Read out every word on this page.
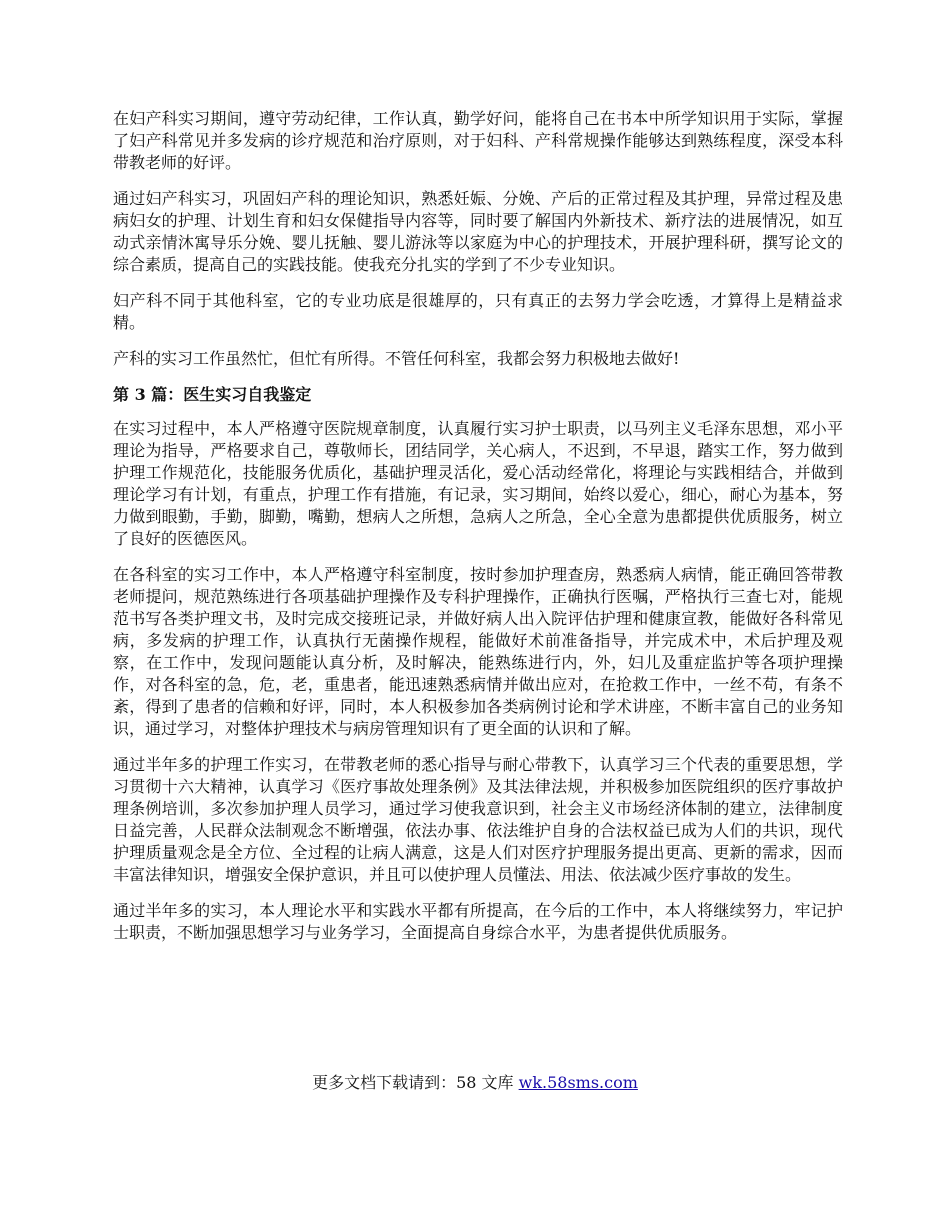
在妇产科实习期间，遵守劳动纪律，工作认真，勤学好问，能将自己在书本中所学知识用于实际，掌握了妇产科常见并多发病的诊疗规范和治疗原则，对于妇科、产科常规操作能够达到熟练程度，深受本科带教老师的好评。

通过妇产科实习，巩固妇产科的理论知识，熟悉妊娠、分娩、产后的正常过程及其护理，异常过程及患病妇女的护理、计划生育和妇女保健指导内容等，同时要了解国内外新技术、新疗法的进展情况，如互动式亲情沐寓导乐分娩、婴儿抚触、婴儿游泳等以家庭为中心的护理技术，开展护理科研，撰写论文的综合素质，提高自己的实践技能。使我充分扎实的学到了不少专业知识。

妇产科不同于其他科室，它的专业功底是很雄厚的，只有真正的去努力学会吃透，才算得上是精益求精。

产科的实习工作虽然忙，但忙有所得。不管任何科室，我都会努力积极地去做好!

第 3 篇：医生实习自我鉴定

在实习过程中，本人严格遵守医院规章制度，认真履行实习护士职责，以马列主义毛泽东思想，邓小平理论为指导，严格要求自己，尊敬师长，团结同学，关心病人，不迟到，不早退，踏实工作，努力做到护理工作规范化，技能服务优质化，基础护理灵活化，爱心活动经常化，将理论与实践相结合，并做到理论学习有计划，有重点，护理工作有措施，有记录，实习期间，始终以爱心，细心，耐心为基本，努力做到眼勤，手勤，脚勤，嘴勤，想病人之所想，急病人之所急，全心全意为患都提供优质服务，树立了良好的医德医风。

在各科室的实习工作中，本人严格遵守科室制度，按时参加护理查房，熟悉病人病情，能正确回答带教老师提问，规范熟练进行各项基础护理操作及专科护理操作，正确执行医嘱，严格执行三查七对，能规范书写各类护理文书，及时完成交接班记录，并做好病人出入院评估护理和健康宣教，能做好各科常见病，多发病的护理工作，认真执行无菌操作规程，能做好术前准备指导，并完成术中，术后护理及观察，在工作中，发现问题能认真分析，及时解决，能熟练进行内，外，妇儿及重症监护等各项护理操作，对各科室的急，危，老，重患者，能迅速熟悉病情并做出应对，在抢救工作中，一丝不苟，有条不紊，得到了患者的信赖和好评，同时，本人积极参加各类病例讨论和学术讲座，不断丰富自己的业务知识，通过学习，对整体护理技术与病房管理知识有了更全面的认识和了解。

通过半年多的护理工作实习，在带教老师的悉心指导与耐心带教下，认真学习三个代表的重要思想，学习贯彻十六大精神，认真学习《医疗事故处理条例》及其法律法规，并积极参加医院组织的医疗事故护理条例培训，多次参加护理人员学习，通过学习使我意识到，社会主义市场经济体制的建立，法律制度日益完善，人民群众法制观念不断增强，依法办事、依法维护自身的合法权益已成为人们的共识，现代护理质量观念是全方位、全过程的让病人满意，这是人们对医疗护理服务提出更高、更新的需求，因而丰富法律知识，增强安全保护意识，并且可以使护理人员懂法、用法、依法减少医疗事故的发生。

通过半年多的实习，本人理论水平和实践水平都有所提高，在今后的工作中，本人将继续努力，牢记护士职责，不断加强思想学习与业务学习，全面提高自身综合水平，为患者提供优质服务。

更多文档下载请到：58 文库 wk.58sms.com
